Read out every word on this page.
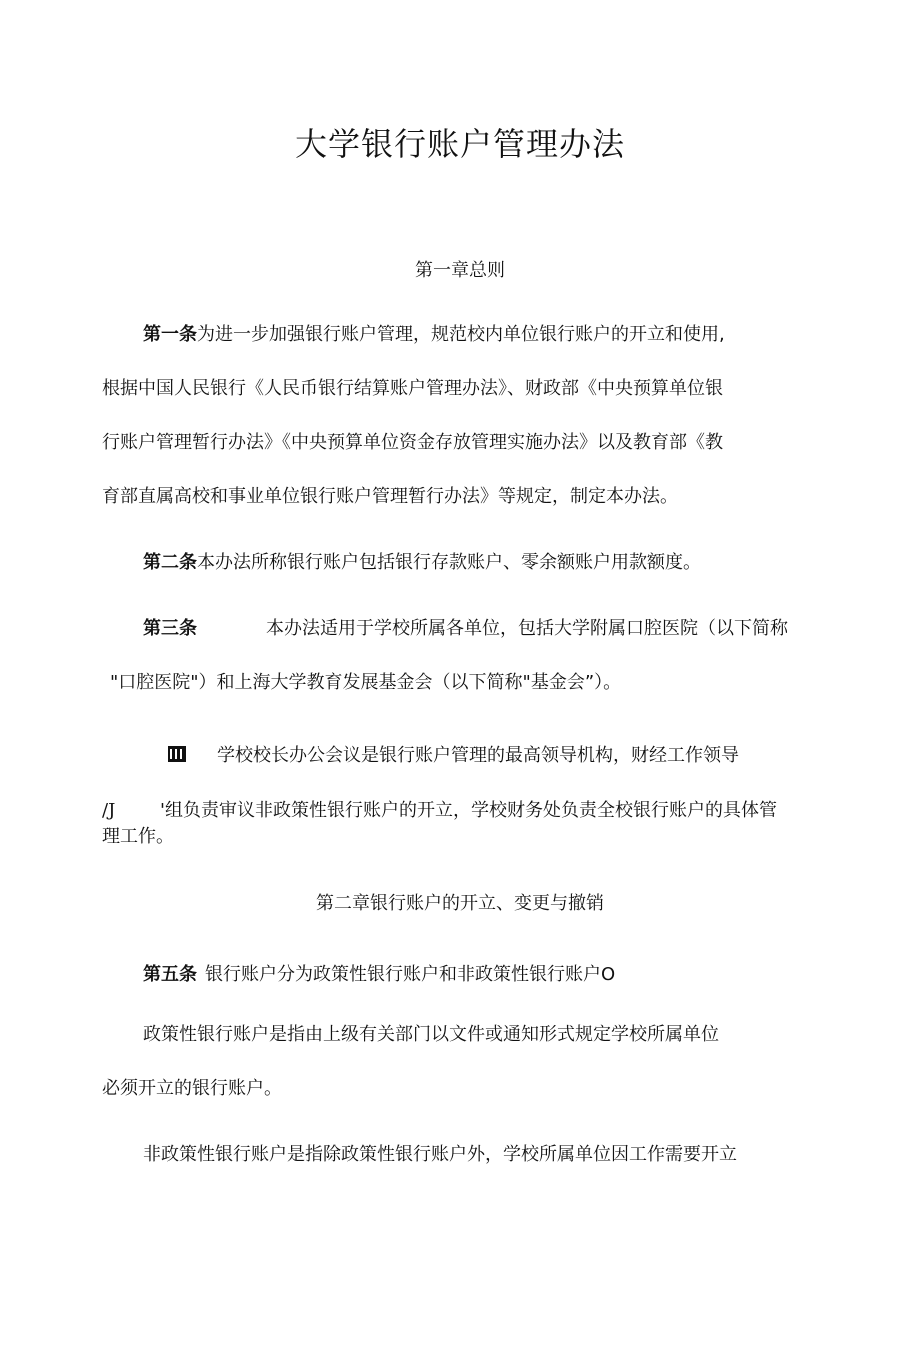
大学银行账户管理办法
第一章总则
第一条为进一步加强银行账户管理，规范校内单位银行账户的开立和使用,
根据中国人民银行《人民币银行结算账户管理办法》、财政部《中央预算单位银
行账户管理暂行办法》《中央预算单位资金存放管理实施办法》以及教育部《教
育部直属高校和事业单位银行账户管理暂行办法》等规定，制定本办法。
第二条本办法所称银行账户包括银行存款账户、零余额账户用款额度。
第三条	本办法适用于学校所属各单位，包括大学附属口腔医院（以下简称
"口腔医院"）和上海大学教育发展基金会（以下简称"基金会”）。
学校校长办公会议是银行账户管理的最高领导机构，财经工作领导
/J '组负责审议非政策性银行账户的开立，学校财务处负责全校银行账户的具体管
理工作。
第二章银行账户的开立、变更与撤销
第五条 银行账户分为政策性银行账户和非政策性银行账户O
政策性银行账户是指由上级有关部门以文件或通知形式规定学校所属单位
必须开立的银行账户。
非政策性银行账户是指除政策性银行账户外，学校所属单位因工作需要开立
